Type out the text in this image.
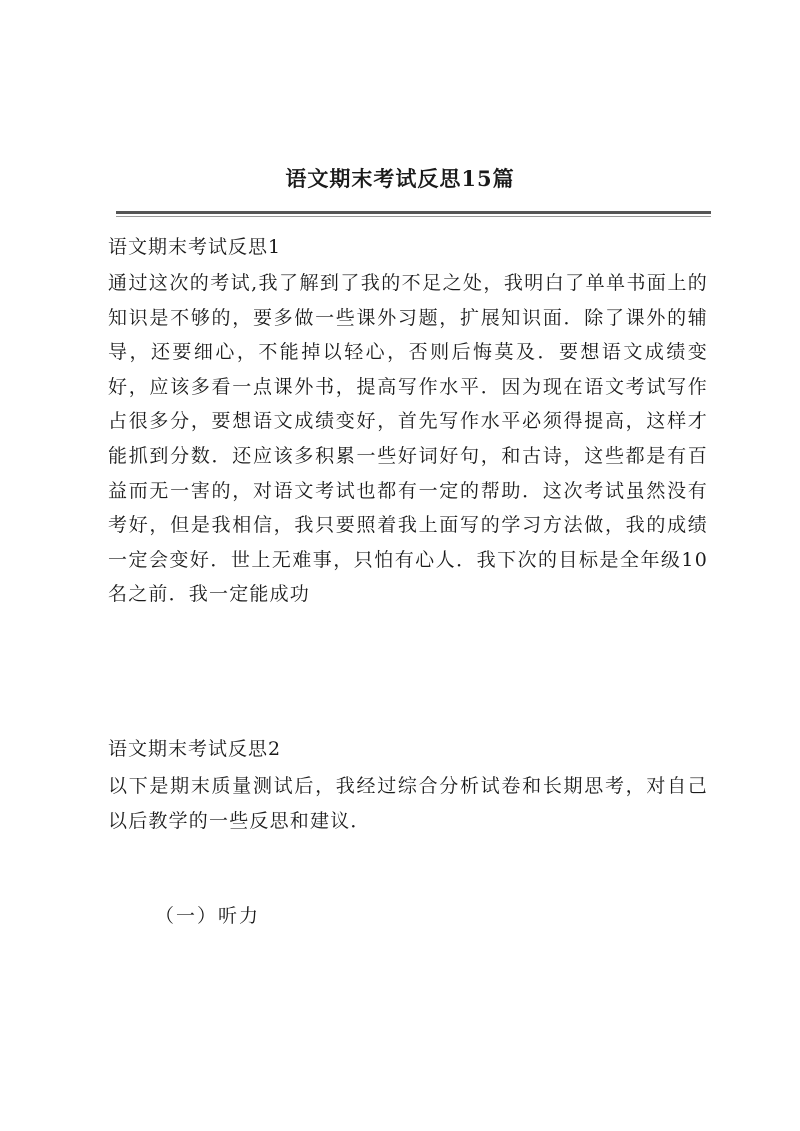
语文期末考试反思15篇
语文期末考试反思1
通过这次的考试,我了解到了我的不足之处，我明白了单单书面上的知识是不够的，要多做一些课外习题，扩展知识面．除了课外的辅导，还要细心，不能掉以轻心，否则后悔莫及．要想语文成绩变好，应该多看一点课外书，提高写作水平．因为现在语文考试写作占很多分，要想语文成绩变好，首先写作水平必须得提高，这样才能抓到分数．还应该多积累一些好词好句，和古诗，这些都是有百益而无一害的，对语文考试也都有一定的帮助．这次考试虽然没有考好，但是我相信，我只要照着我上面写的学习方法做，我的成绩一定会变好．世上无难事，只怕有心人．我下次的目标是全年级10名之前．我一定能成功
语文期末考试反思2
以下是期末质量测试后，我经过综合分析试卷和长期思考，对自己以后教学的一些反思和建议．
（一）听力
